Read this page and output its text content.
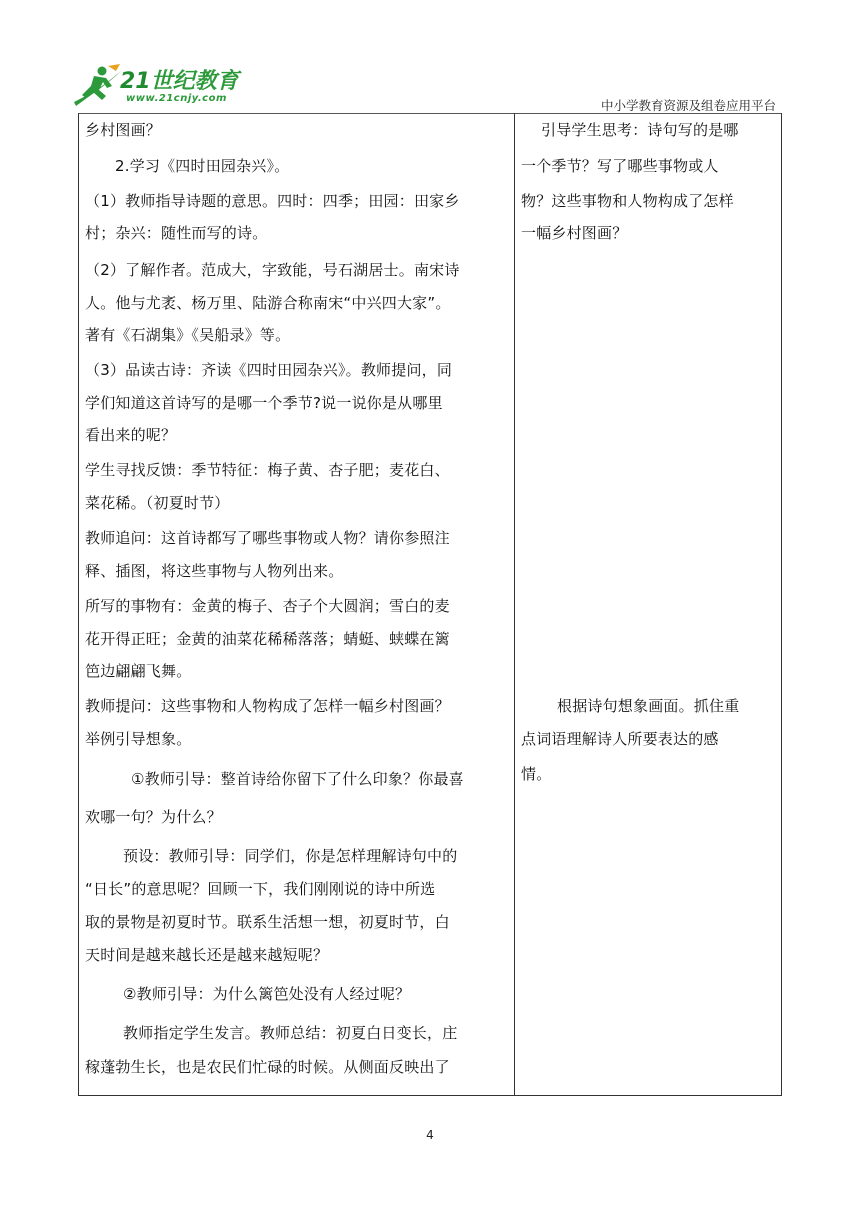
21世纪教育
www.21cnjy.com	中小学教育资源及组卷应用平台
乡村图画？
2.学习《四时田园杂兴》。
（1）教师指导诗题的意思。四时：四季；田园：田家乡
村；杂兴：随性而写的诗。
（2）了解作者。范成大，字致能，号石湖居士。南宋诗
人。他与尤袤、杨万里、陆游合称南宋“中兴四大家”。
著有《石湖集》《吴船录》等。
（3）品读古诗：齐读《四时田园杂兴》。教师提问，同
学们知道这首诗写的是哪一个季节?说一说你是从哪里
看出来的呢？
学生寻找反馈：季节特征：梅子黄、杏子肥；麦花白、
菜花稀。（初夏时节）
教师追问：这首诗都写了哪些事物或人物？请你参照注
释、插图，将这些事物与人物列出来。
所写的事物有：金黄的梅子、杏子个大圆润；雪白的麦
花开得正旺；金黄的油菜花稀稀落落；蜻蜓、蛱蝶在篱
笆边翩翩飞舞。
教师提问：这些事物和人物构成了怎样一幅乡村图画？
举例引导想象。
①教师引导：整首诗给你留下了什么印象？你最喜
欢哪一句？为什么？
预设：教师引导：同学们，你是怎样理解诗句中的
“日长”的意思呢？回顾一下，我们刚刚说的诗中所选
取的景物是初夏时节。联系生活想一想，初夏时节，白
天时间是越来越长还是越来越短呢？
②教师引导：为什么篱笆处没有人经过呢？
教师指定学生发言。教师总结：初夏白日变长，庄
稼蓬勃生长，也是农民们忙碌的时候。从侧面反映出了
引导学生思考：诗句写的是哪
一个季节？写了哪些事物或人
物？这些事物和人物构成了怎样
一幅乡村图画？
根据诗句想象画面。抓住重
点词语理解诗人所要表达的感
情。
4
